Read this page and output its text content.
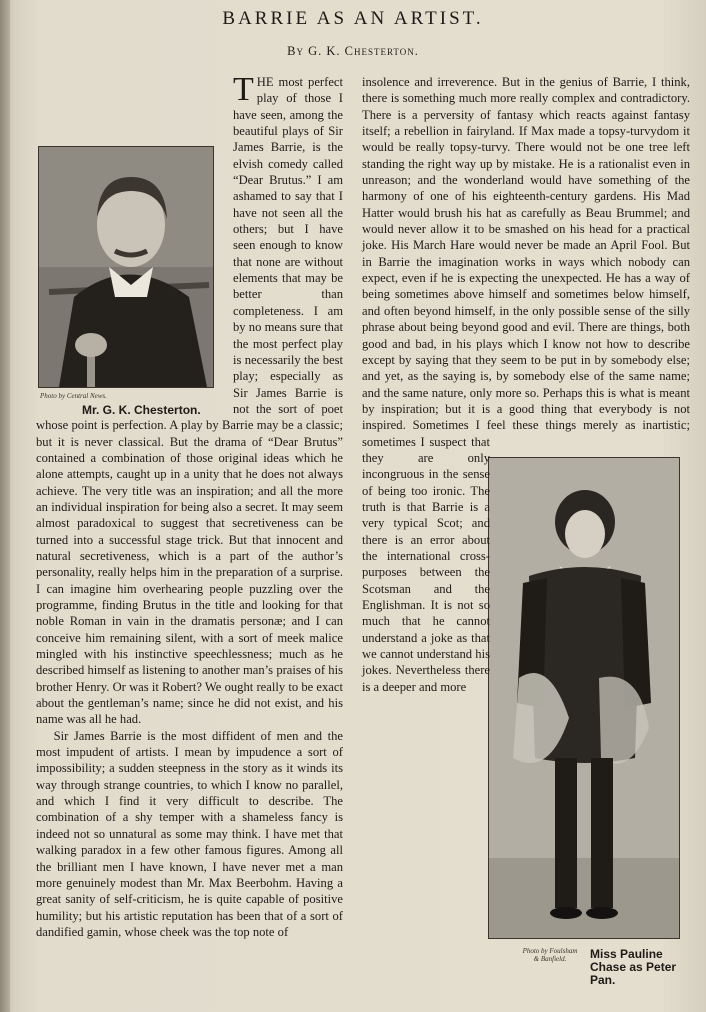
BARRIE AS AN ARTIST.
By G. K. Chesterton.
Photo by Central News.
Mr. G. K. Chesterton.
Photo by Foulsham & Banfield.	Miss Pauline Chase as Peter Pan.

THE most perfect play of those I have seen, among the beautiful plays of Sir James Barrie, is the elvish comedy called “Dear Brutus.” I am ashamed to say that I have not seen all the others; but I have seen enough to know that none are without elements that may be better than completeness. I am by no means sure that the most perfect play is necessarily the best play; especially as Sir James Barrie is not the sort of poet whose point is perfection. A play by Barrie may be a classic; but it is never classical. But the drama of “Dear Brutus” contained a combination of those original ideas which he alone attempts, caught up in a unity that he does not always achieve. The very title was an inspiration; and all the more an individual inspiration for being also a secret. It may seem almost paradoxical to suggest that secretiveness can be turned into a successful stage trick. But that innocent and natural secretiveness, which is a part of the author’s personality, really helps him in the preparation of a surprise. I can imagine him overhearing people puzzling over the programme, finding Brutus in the title and looking for that noble Roman in vain in the dramatis personæ; and I can conceive him remaining silent, with a sort of meek malice mingled with his instinctive speechlessness; much as he described himself as listening to another man’s praises of his brother Henry. Or was it Robert? We ought really to be exact about the gentleman’s name; since he did not exist, and his name was all he had.

Sir James Barrie is the most diffident of men and the most impudent of artists. I mean by impudence a sort of impossibility; a sudden steepness in the story as it winds its way through strange countries, to which I know no parallel, and which I find it very difficult to describe. The combination of a shy temper with a shameless fancy is indeed not so unnatural as some may think. I have met that walking paradox in a few other famous figures. Among all the brilliant men I have known, I have never met a man more genuinely modest than Mr. Max Beerbohm. Having a great sanity of self-criticism, he is quite capable of positive humility; but his artistic reputation has been that of a sort of dandified gamin, whose cheek was the top note of

insolence and irreverence. But in the genius of Barrie, I think, there is something much more really complex and contradictory. There is a perversity of fantasy which reacts against fantasy itself; a rebellion in fairyland. If Max made a topsy-turvydom it would be really topsy-turvy. There would not be one tree left standing the right way up by mistake. He is a rationalist even in unreason; and the wonderland would have something of the harmony of one of his eighteenth-century gardens. His Mad Hatter would brush his hat as carefully as Beau Brummel; and would never allow it to be smashed on his head for a practical joke. His March Hare would never be made an April Fool. But in Barrie the imagination works in ways which nobody can expect, even if he is expecting the unexpected. He has a way of being sometimes above himself and sometimes below himself, and often beyond himself, in the only possible sense of the silly phrase about being beyond good and evil. There are things, both good and bad, in his plays which I know not how to describe except by saying that they seem to be put in by somebody else; and yet, as the saying is, by somebody else of the same name; and the same nature, only more so. Perhaps this is what is meant by inspiration; but it is a good thing that everybody is not inspired. Sometimes I feel these things merely as inartistic; sometimes I suspect that they are only incongruous in the sense of being too ironic. The truth is that Barrie is a very typical Scot; and there is an error about the international cross-purposes between the Scotsman and the Englishman. It is not so much that he cannot understand a joke as that we cannot understand his jokes. Nevertheless there is a deeper and more
